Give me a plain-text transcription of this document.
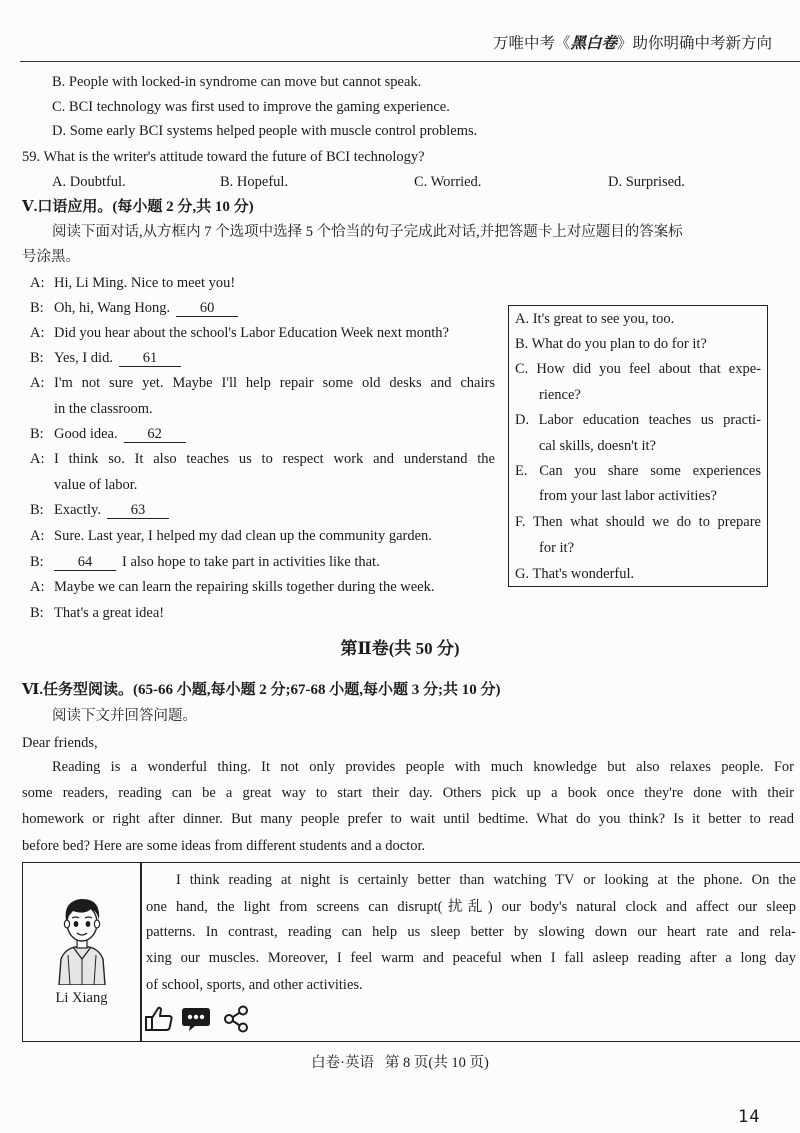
万唯中考《黑白卷》助你明确中考新方向
B. People with locked-in syndrome can move but cannot speak.
C. BCI technology was first used to improve the gaming experience.
D. Some early BCI systems helped people with muscle control problems.
59. What is the writer's attitude toward the future of BCI technology?
A. Doubtful.	B. Hopeful.	C. Worried.	D. Surprised.
Ⅴ.口语应用。(每小题 2 分,共 10 分)
阅读下面对话,从方框内 7 个选项中选择 5 个恰当的句子完成此对话,并把答题卡上对应题目的答案标
号涂黑。
A: Hi, Li Ming. Nice to meet you!
B: Oh, hi, Wang Hong. 60
A: Did you hear about the school's Labor Education Week next month?
B: Yes, I did. 61
A: I'm not sure yet. Maybe I'll help repair some old desks and chairs
in the classroom.
B: Good idea. 62
A: I think so. It also teaches us to respect work and understand the
value of labor.
B: Exactly. 63
A: Sure. Last year, I helped my dad clean up the community garden.
B: 64 I also hope to take part in activities like that.
A: Maybe we can learn the repairing skills together during the week.
B: That's a great idea!
A. It's great to see you, too.
B. What do you plan to do for it?
C. How did you feel about that expe-
rience?
D. Labor education teaches us practi-
cal skills, doesn't it?
E. Can you share some experiences
from your last labor activities?
F. Then what should we do to prepare
for it?
G. That's wonderful.
第Ⅱ卷(共 50 分)
Ⅵ.任务型阅读。(65-66 小题,每小题 2 分;67-68 小题,每小题 3 分;共 10 分)
阅读下文并回答问题。
Dear friends,
Reading is a wonderful thing. It not only provides people with much knowledge but also relaxes people. For
some readers, reading can be a great way to start their day. Others pick up a book once they're done with their
homework or right after dinner. But many people prefer to wait until bedtime. What do you think? Is it better to read
before bed? Here are some ideas from different students and a doctor.
Li Xiang
I think reading at night is certainly better than watching TV or looking at the phone. On the
one hand, the light from screens can disrupt(扰乱) our body's natural clock and affect our sleep
patterns. In contrast, reading can help us sleep better by slowing down our heart rate and rela-
xing our muscles. Moreover, I feel warm and peaceful when I fall asleep reading after a long day
of school, sports, and other activities.
白卷·英语 第 8 页(共 10 页)
14
